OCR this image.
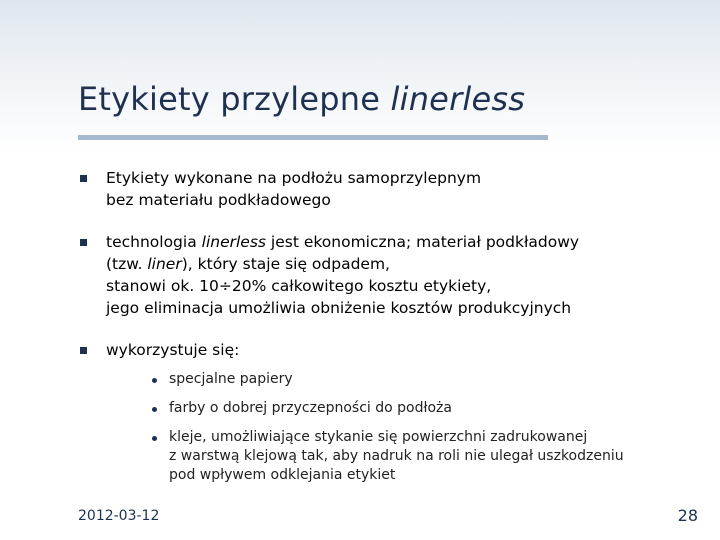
Etykiety przylepne linerless
Etykiety wykonane na podłożu samoprzylepnym
bez materiału podkładowego
technologia linerless jest ekonomiczna; materiał podkładowy
(tzw. liner), który staje się odpadem,
stanowi ok. 10÷20% całkowitego kosztu etykiety,
jego eliminacja umożliwia obniżenie kosztów produkcyjnych
wykorzystuje się:
specjalne papiery
farby o dobrej przyczepności do podłoża
kleje, umożliwiające stykanie się powierzchni zadrukowanej
z warstwą klejową tak, aby nadruk na roli nie ulegał uszkodzeniu
pod wpływem odklejania etykiet
2012-03-12	28
